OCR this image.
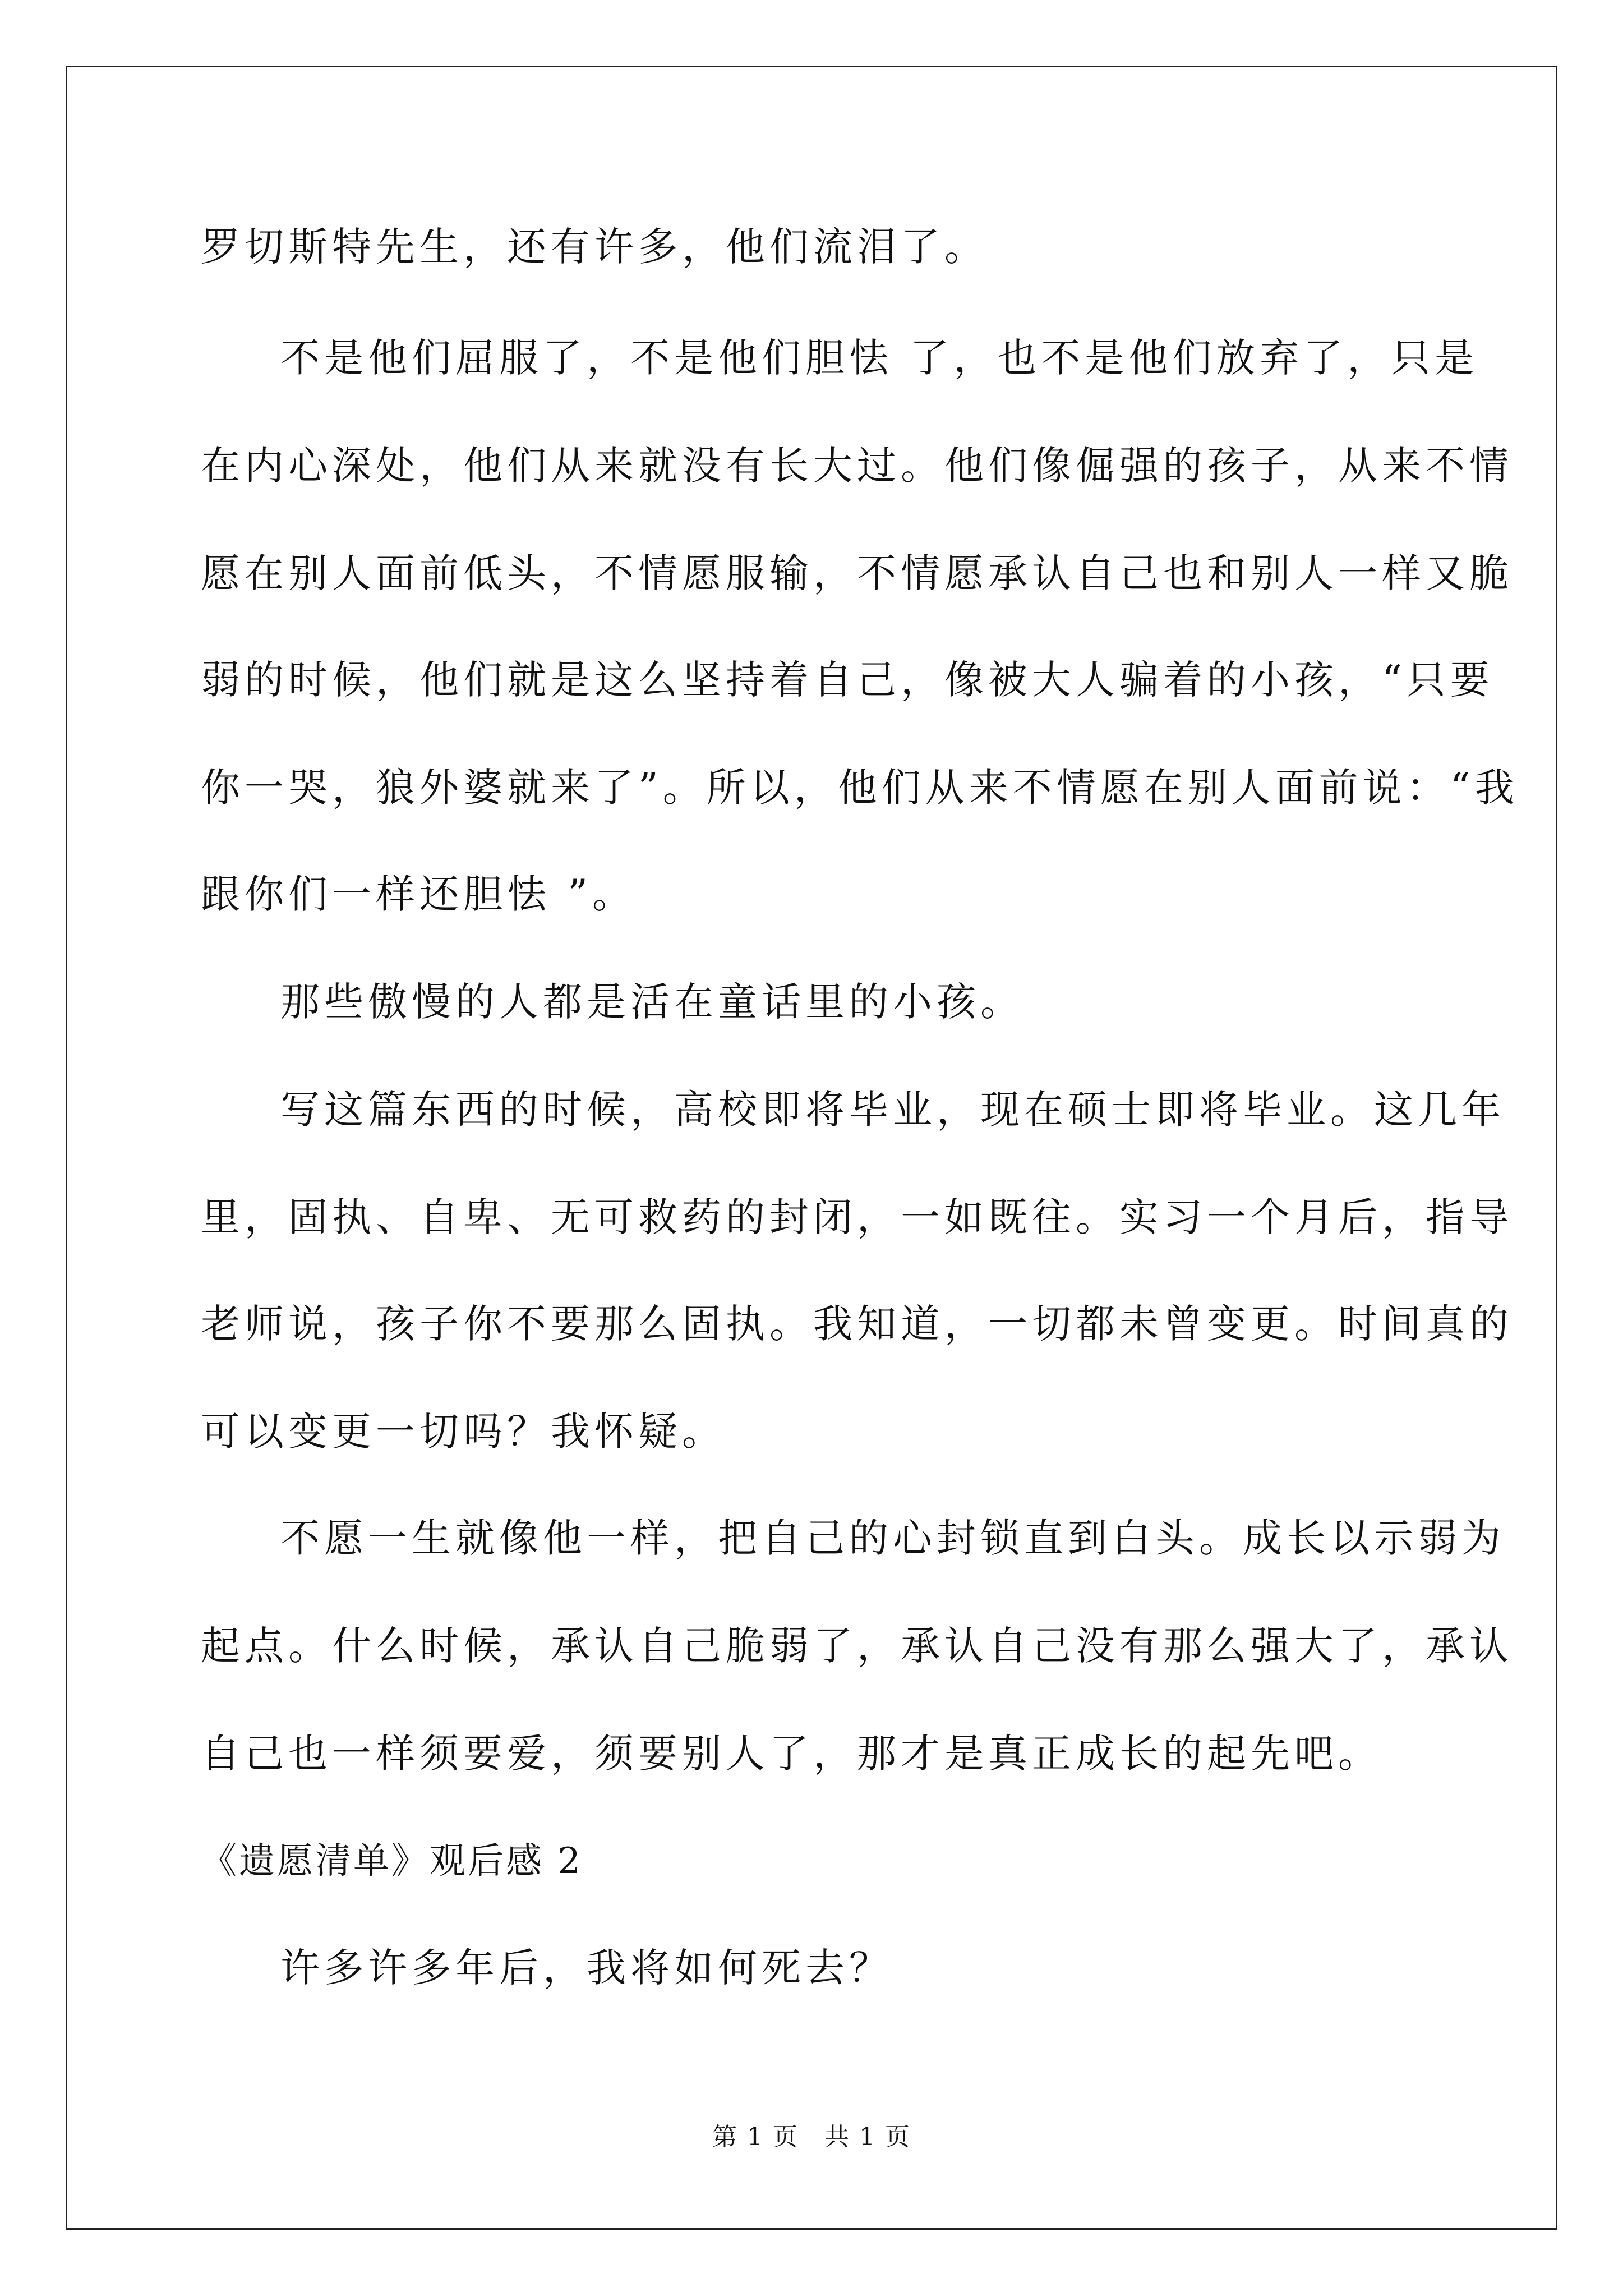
罗切斯特先生，还有许多，他们流泪了。
不是他们屈服了，不是他们胆怯 了，也不是他们放弃了，只是
在内心深处，他们从来就没有长大过。他们像倔强的孩子，从来不情
愿在别人面前低头，不情愿服输，不情愿承认自己也和别人一样又脆
弱的时候，他们就是这么坚持着自己，像被大人骗着的小孩，“只要
你一哭，狼外婆就来了”。所以，他们从来不情愿在别人面前说：“我
跟你们一样还胆怯 ”。
那些傲慢的人都是活在童话里的小孩。
写这篇东西的时候，高校即将毕业，现在硕士即将毕业。这几年
里，固执、自卑、无可救药的封闭，一如既往。实习一个月后，指导
老师说，孩子你不要那么固执。我知道，一切都未曾变更。时间真的
可以变更一切吗？我怀疑。
不愿一生就像他一样，把自己的心封锁直到白头。成长以示弱为
起点。什么时候，承认自己脆弱了，承认自己没有那么强大了，承认
自己也一样须要爱，须要别人了，那才是真正成长的起先吧。
《遗愿清单》观后感 2
许多许多年后，我将如何死去？
第 1 页　共 1 页
